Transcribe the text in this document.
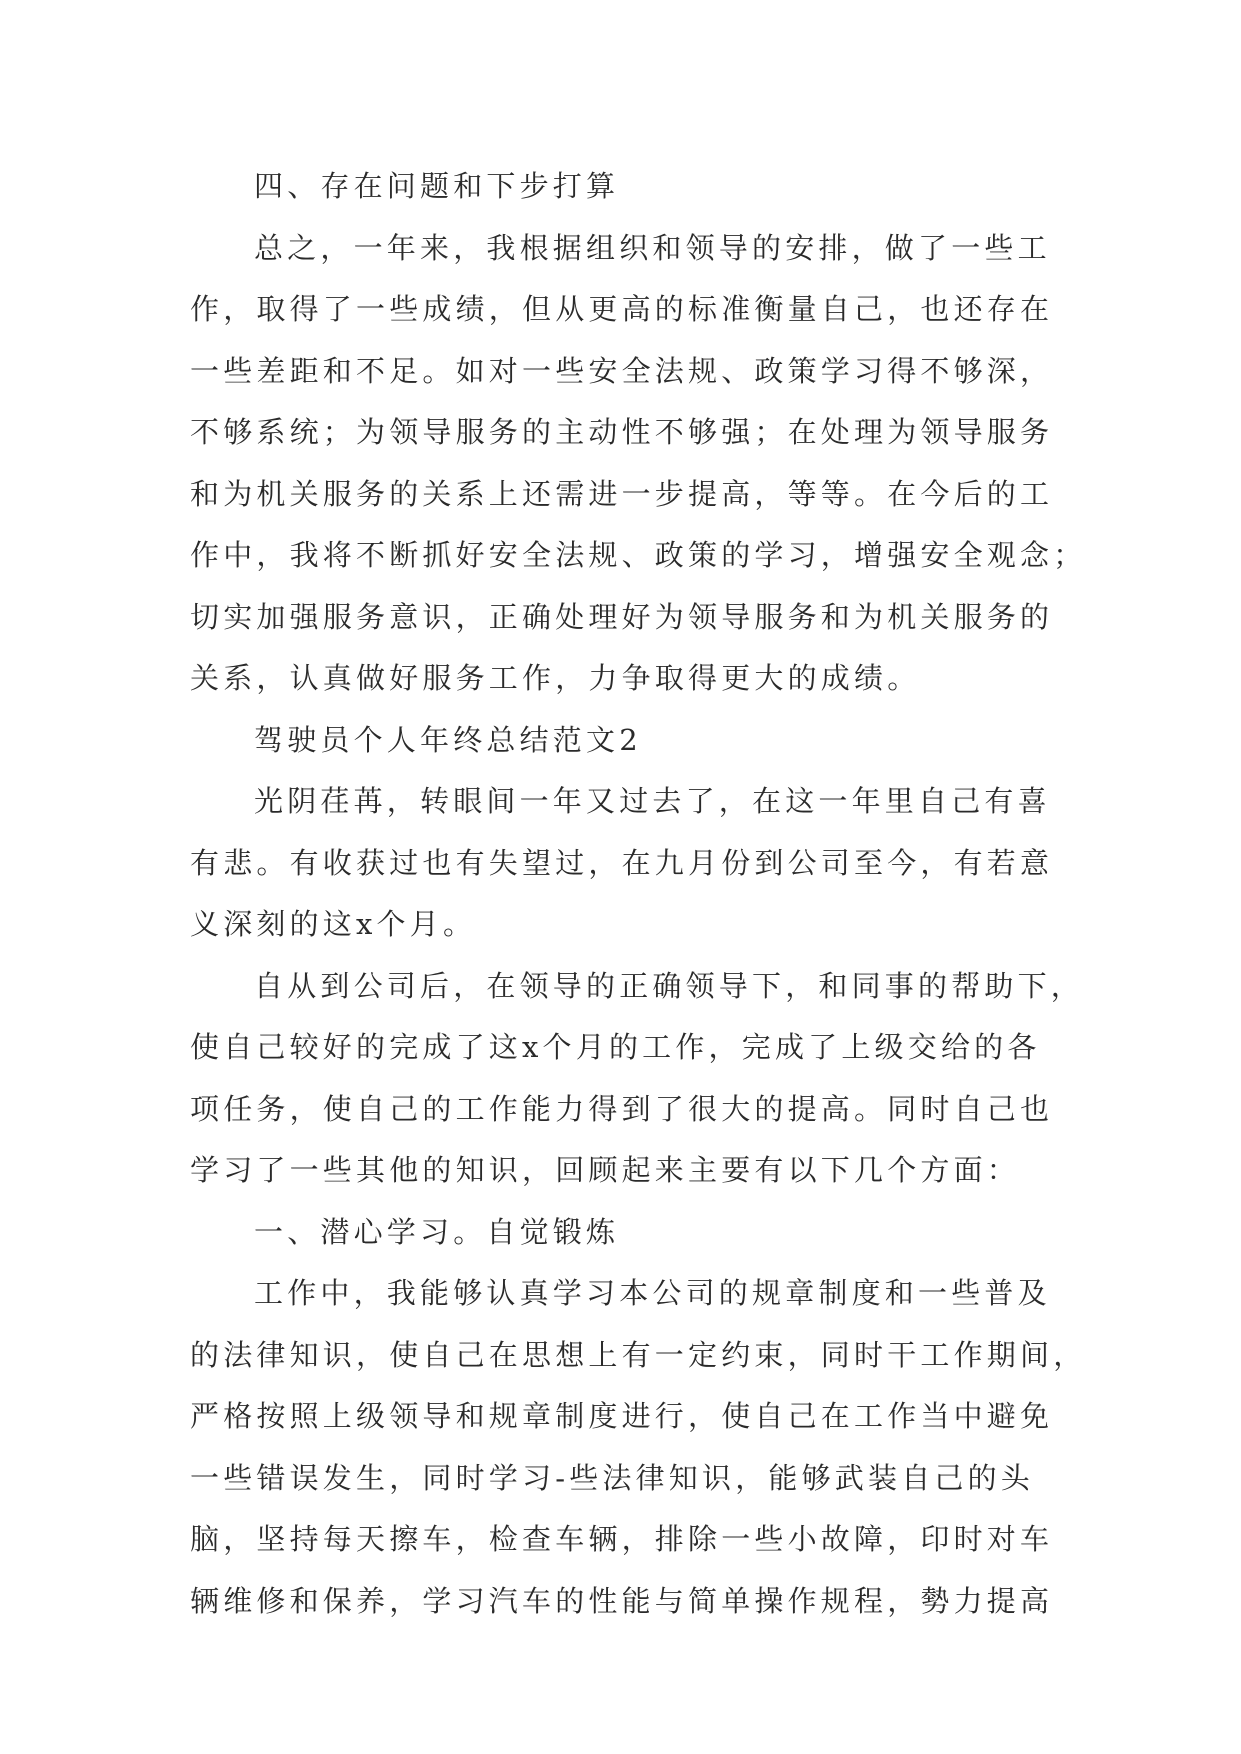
四、存在问题和下步打算
总之，一年来，我根据组织和领导的安排，做了一些工
作，取得了一些成绩，但从更高的标准衡量自己，也还存在
一些差距和不足。如对一些安全法规、政策学习得不够深，
不够系统；为领导服务的主动性不够强；在处理为领导服务
和为机关服务的关系上还需进一步提高，等等。在今后的工
作中，我将不断抓好安全法规、政策的学习，增强安全观念；
切实加强服务意识，正确处理好为领导服务和为机关服务的
关系，认真做好服务工作，力争取得更大的成绩。
驾驶员个人年终总结范文2
光阴荏苒，转眼间一年又过去了，在这一年里自己有喜
有悲。有收获过也有失望过，在九月份到公司至今，有若意
义深刻的这x个月。
自从到公司后，在领导的正确领导下，和同事的帮助下，
使自己较好的完成了这x个月的工作，完成了上级交给的各
项任务，使自己的工作能力得到了很大的提高。同时自己也
学习了一些其他的知识，回顾起来主要有以下几个方面：
一、潜心学习。自觉锻炼
工作中，我能够认真学习本公司的规章制度和一些普及
的法律知识，使自己在思想上有一定约束，同时干工作期间，
严格按照上级领导和规章制度进行，使自己在工作当中避免
一些错误发生，同时学习-些法律知识，能够武装自己的头
脑，坚持每天擦车，检查车辆，排除一些小故障，印时对车
辆维修和保养，学习汽车的性能与简单操作规程，勢力提高
